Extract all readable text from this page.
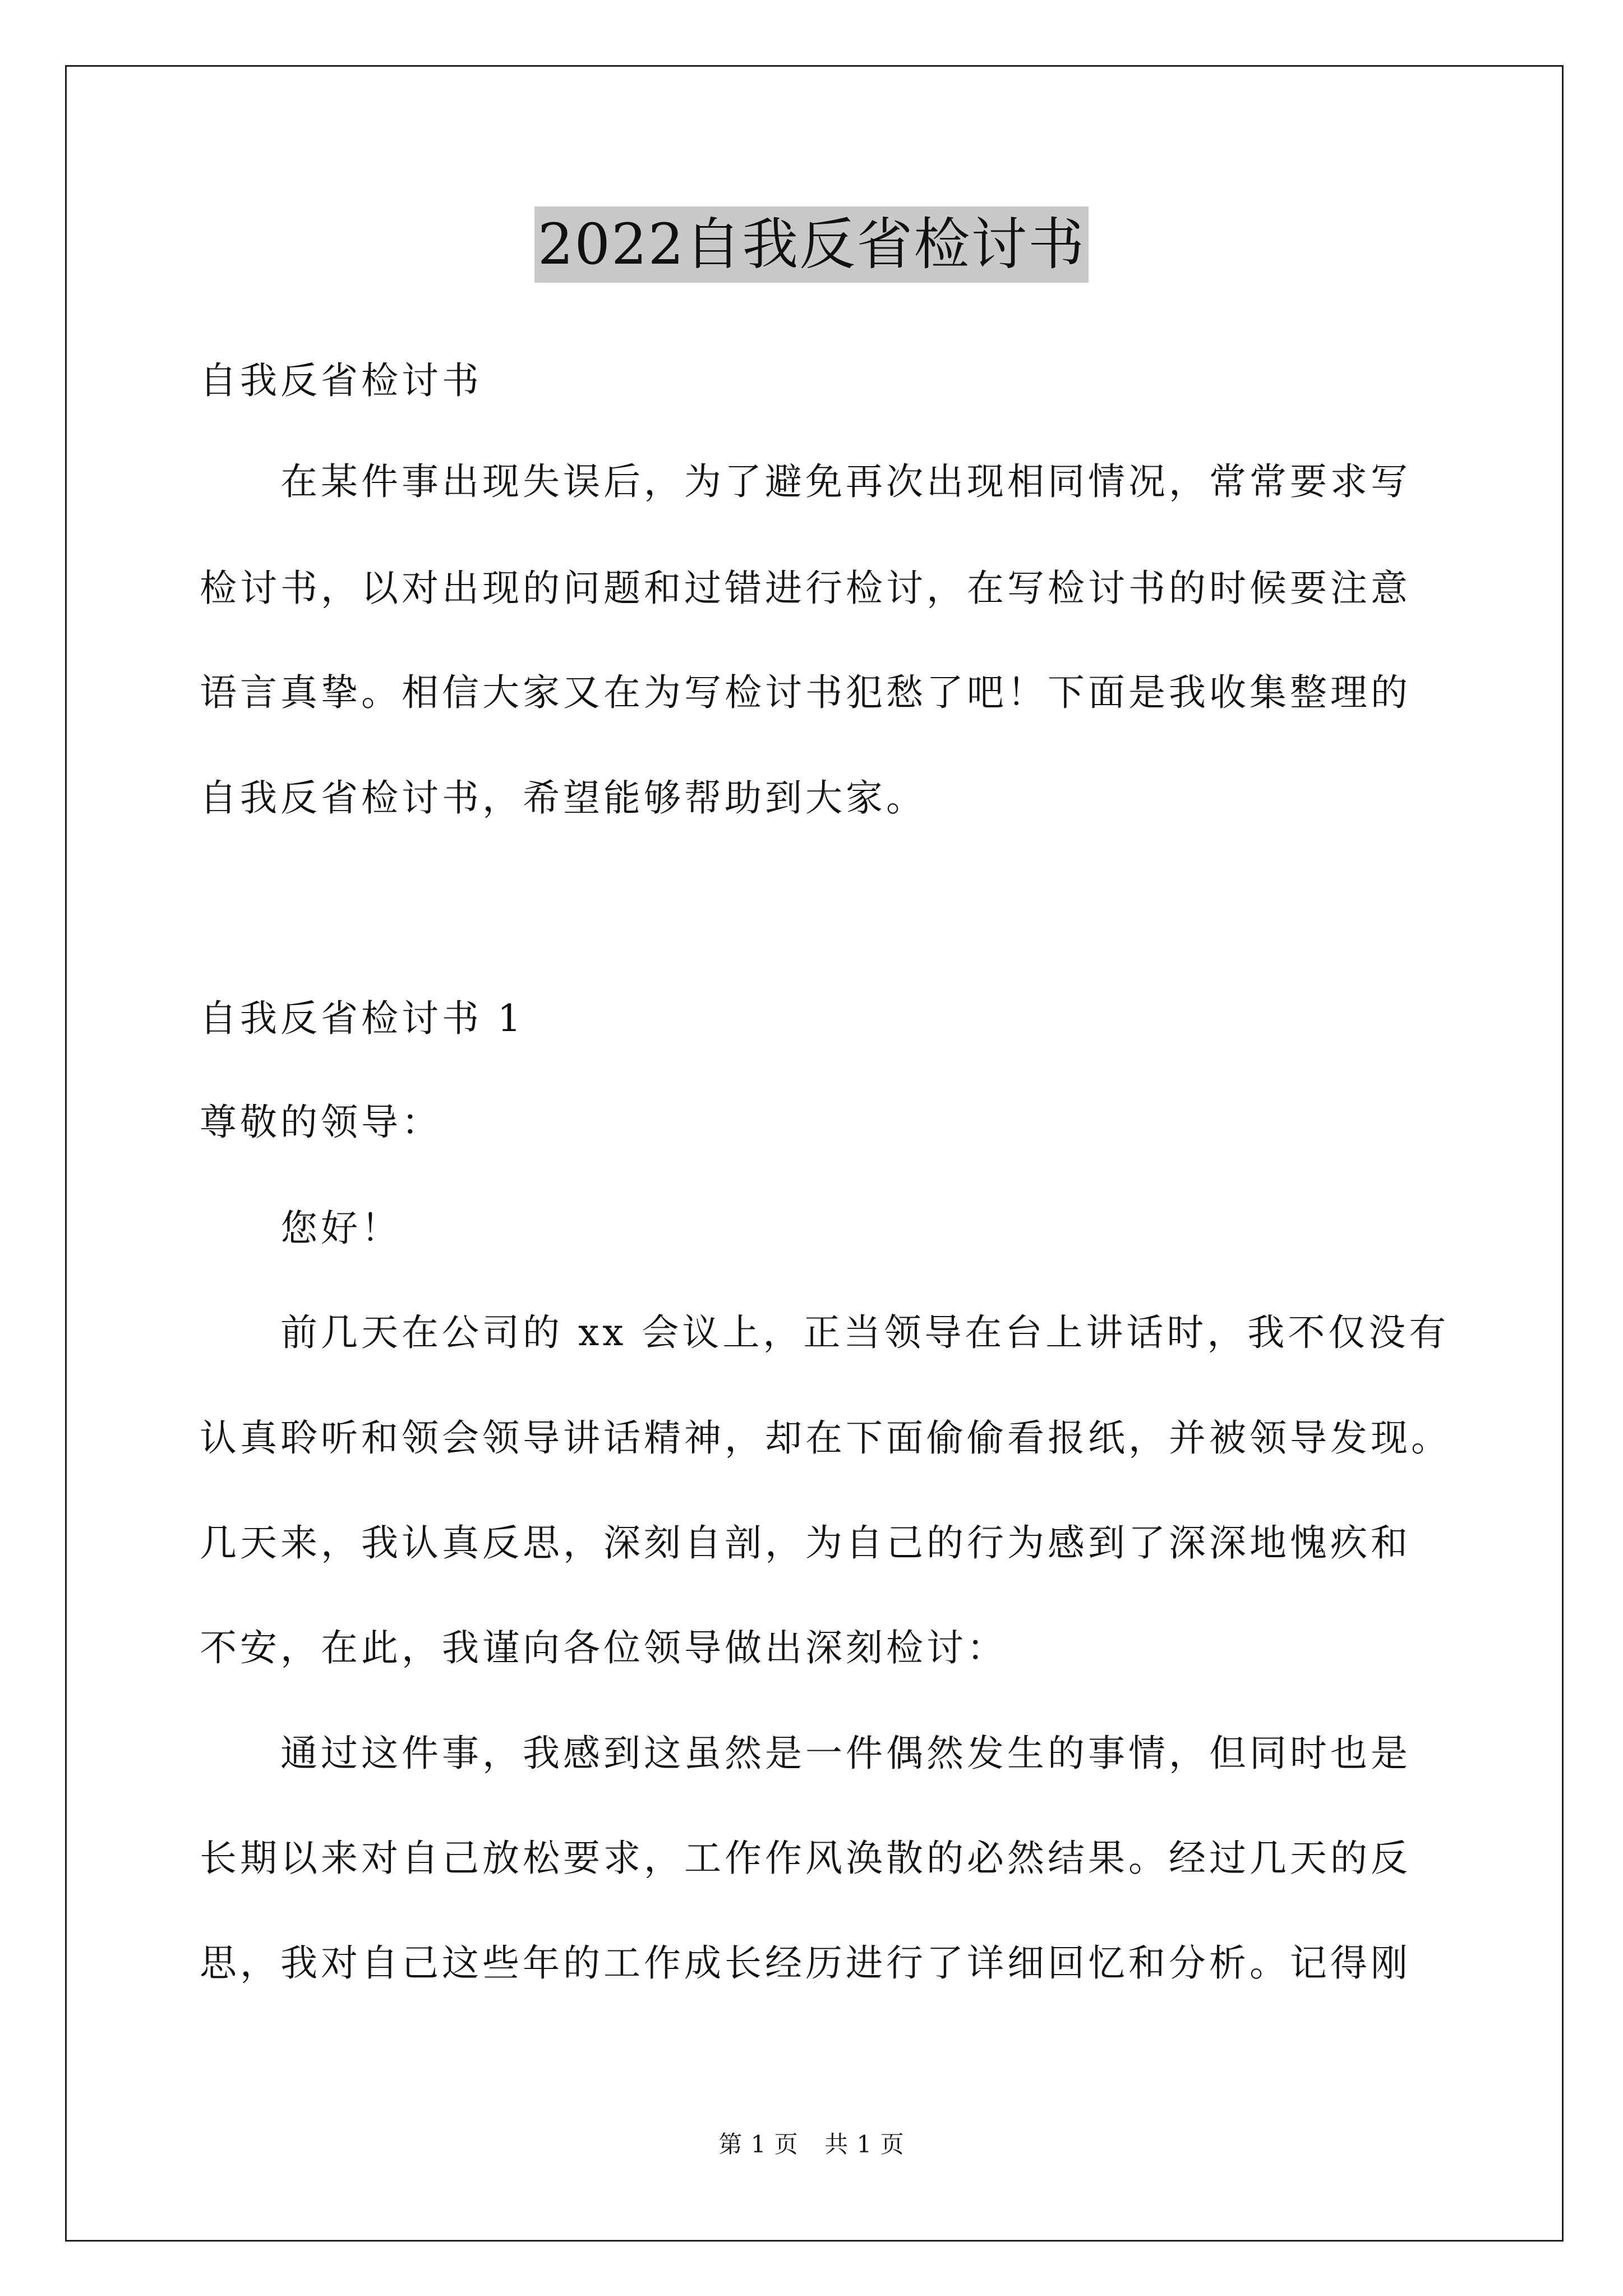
2022自我反省检讨书
自我反省检讨书
在某件事出现失误后，为了避免再次出现相同情况，常常要求写
检讨书，以对出现的问题和过错进行检讨，在写检讨书的时候要注意
语言真挚。相信大家又在为写检讨书犯愁了吧！下面是我收集整理的
自我反省检讨书，希望能够帮助到大家。
自我反省检讨书 1
尊敬的领导：
您好！
前几天在公司的 xx 会议上，正当领导在台上讲话时，我不仅没有
认真聆听和领会领导讲话精神，却在下面偷偷看报纸，并被领导发现。
几天来，我认真反思，深刻自剖，为自己的行为感到了深深地愧疚和
不安，在此，我谨向各位领导做出深刻检讨：
通过这件事，我感到这虽然是一件偶然发生的事情，但同时也是
长期以来对自己放松要求，工作作风涣散的必然结果。经过几天的反
思，我对自己这些年的工作成长经历进行了详细回忆和分析。记得刚
第 1 页 共 1 页
